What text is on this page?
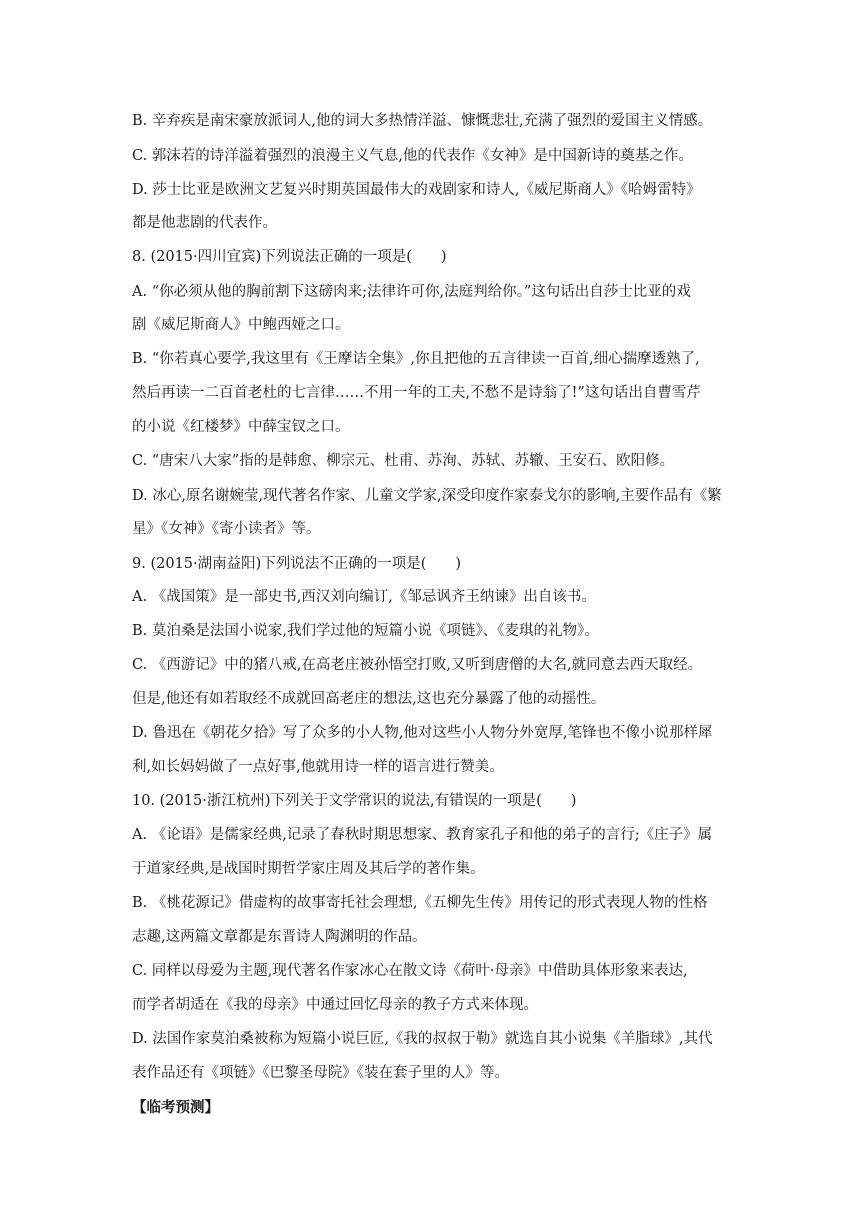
B. 辛弃疾是南宋豪放派词人,他的词大多热情洋溢、慷慨悲壮,充满了强烈的爱国主义情感。
C. 郭沫若的诗洋溢着强烈的浪漫主义气息,他的代表作《女神》是中国新诗的奠基之作。
D. 莎士比亚是欧洲文艺复兴时期英国最伟大的戏剧家和诗人,《威尼斯商人》《哈姆雷特》
都是他悲剧的代表作。
8. (2015·四川宜宾)下列说法正确的一项是(　　)
A. “你必须从他的胸前割下这磅肉来;法律许可你,法庭判给你。”这句话出自莎士比亚的戏
剧《威尼斯商人》中鲍西娅之口。
B. “你若真心要学,我这里有《王摩诘全集》,你且把他的五言律读一百首,细心揣摩透熟了,
然后再读一二百首老杜的七言律……不用一年的工夫,不愁不是诗翁了!”这句话出自曹雪芹
的小说《红楼梦》中薛宝钗之口。
C. “唐宋八大家”指的是韩愈、柳宗元、杜甫、苏洵、苏轼、苏辙、王安石、欧阳修。
D. 冰心,原名谢婉莹,现代著名作家、儿童文学家,深受印度作家泰戈尔的影响,主要作品有《繁
星》《女神》《寄小读者》等。
9. (2015·湖南益阳)下列说法不正确的一项是(　　)
A. 《战国策》是一部史书,西汉刘向编订,《邹忌讽齐王纳谏》出自该书。
B. 莫泊桑是法国小说家,我们学过他的短篇小说《项链》、《麦琪的礼物》。
C. 《西游记》中的猪八戒,在高老庄被孙悟空打败,又听到唐僧的大名,就同意去西天取经。
但是,他还有如若取经不成就回高老庄的想法,这也充分暴露了他的动摇性。
D. 鲁迅在《朝花夕拾》写了众多的小人物,他对这些小人物分外宽厚,笔锋也不像小说那样犀
利,如长妈妈做了一点好事,他就用诗一样的语言进行赞美。
10. (2015·浙江杭州)下列关于文学常识的说法,有错误的一项是(　　)
A. 《论语》是儒家经典,记录了春秋时期思想家、教育家孔子和他的弟子的言行;《庄子》属
于道家经典,是战国时期哲学家庄周及其后学的著作集。
B. 《桃花源记》借虚构的故事寄托社会理想,《五柳先生传》用传记的形式表现人物的性格
志趣,这两篇文章都是东晋诗人陶渊明的作品。
C. 同样以母爱为主题,现代著名作家冰心在散文诗《荷叶·母亲》中借助具体形象来表达,
而学者胡适在《我的母亲》中通过回忆母亲的教子方式来体现。
D. 法国作家莫泊桑被称为短篇小说巨匠,《我的叔叔于勒》就选自其小说集《羊脂球》,其代
表作品还有《项链》《巴黎圣母院》《装在套子里的人》等。
【临考预测】
